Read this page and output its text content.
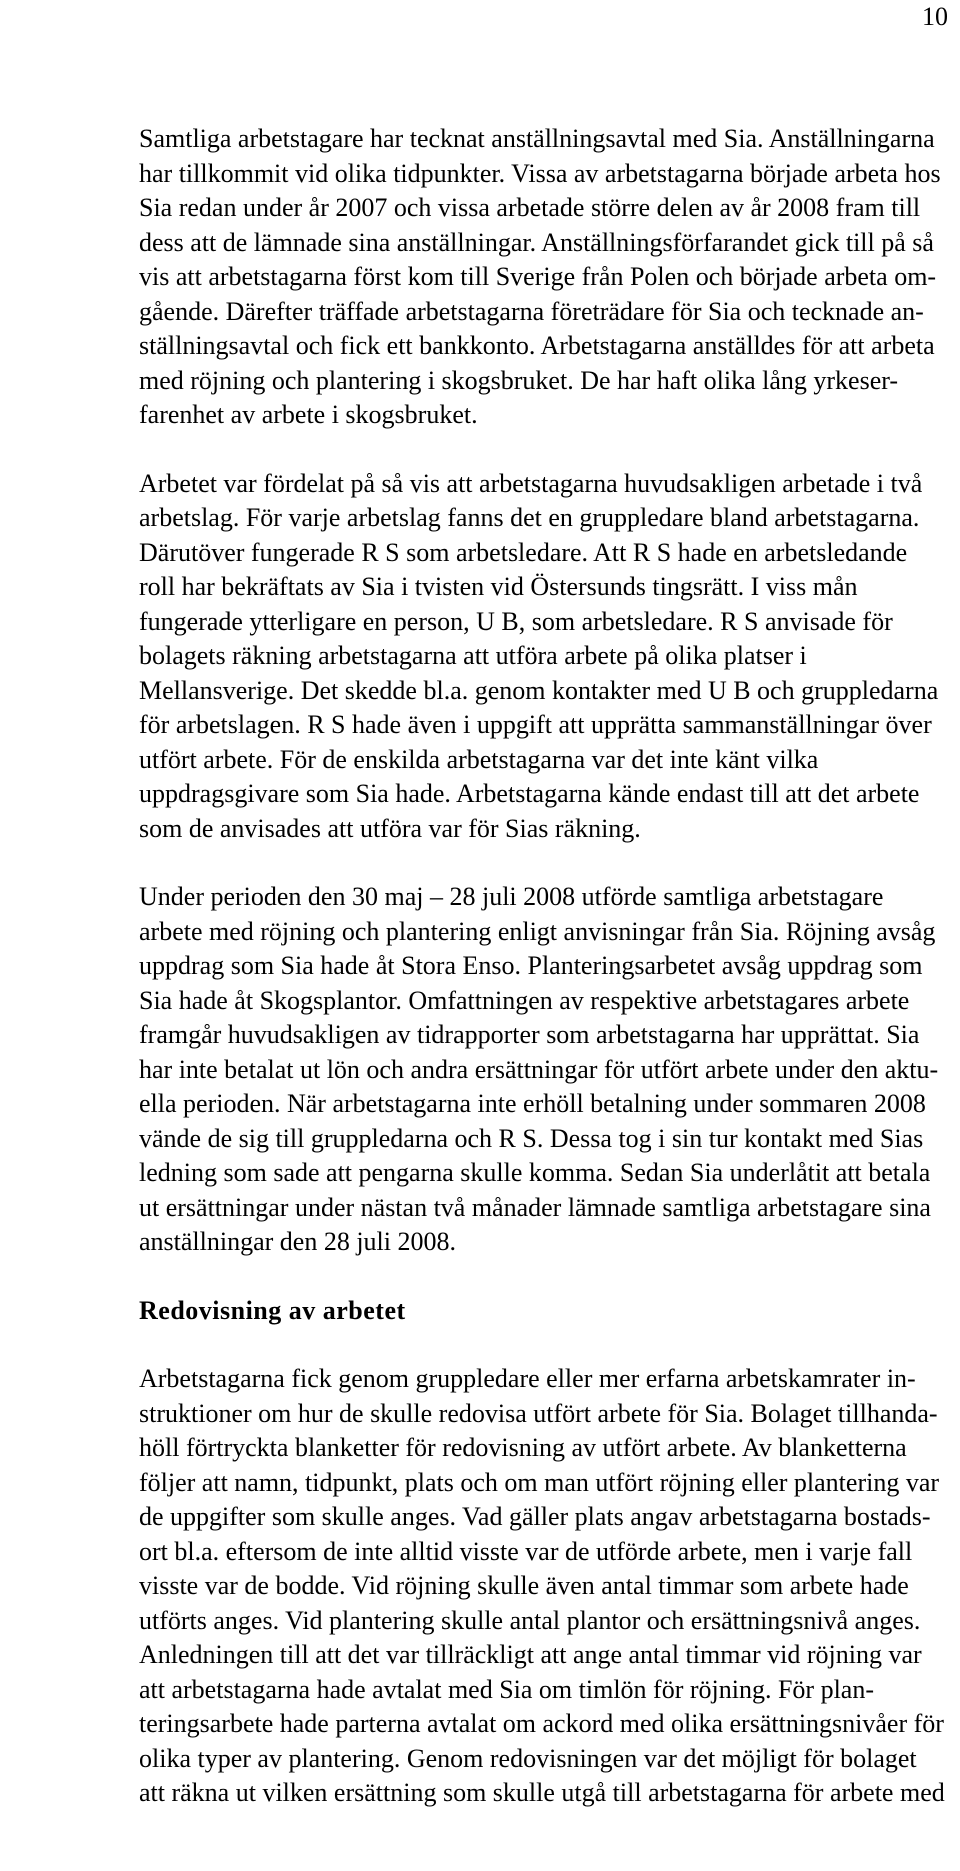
10

Samtliga arbetstagare har tecknat anställningsavtal med Sia. Anställningarna
har tillkommit vid olika tidpunkter. Vissa av arbetstagarna började arbeta hos
Sia redan under år 2007 och vissa arbetade större delen av år 2008 fram till
dess att de lämnade sina anställningar. Anställningsförfarandet gick till på så
vis att arbetstagarna först kom till Sverige från Polen och började arbeta om-
gående. Därefter träffade arbetstagarna företrädare för Sia och tecknade an-
ställningsavtal och fick ett bankkonto. Arbetstagarna anställdes för att arbeta
med röjning och plantering i skogsbruket. De har haft olika lång yrkeser-
farenhet av arbete i skogsbruket.

Arbetet var fördelat på så vis att arbetstagarna huvudsakligen arbetade i två
arbetslag. För varje arbetslag fanns det en gruppledare bland arbetstagarna.
Därutöver fungerade R S som arbetsledare. Att R S hade en arbetsledande
roll har bekräftats av Sia i tvisten vid Östersunds tingsrätt. I viss mån
fungerade ytterligare en person, U B, som arbetsledare. R S anvisade för
bolagets räkning arbetstagarna att utföra arbete på olika platser i
Mellansverige. Det skedde bl.a. genom kontakter med U B och gruppledarna
för arbetslagen. R S hade även i uppgift att upprätta sammanställningar över
utfört arbete. För de enskilda arbetstagarna var det inte känt vilka
uppdragsgivare som Sia hade. Arbetstagarna kände endast till att det arbete
som de anvisades att utföra var för Sias räkning.

Under perioden den 30 maj – 28 juli 2008 utförde samtliga arbetstagare
arbete med röjning och plantering enligt anvisningar från Sia. Röjning avsåg
uppdrag som Sia hade åt Stora Enso. Planteringsarbetet avsåg uppdrag som
Sia hade åt Skogsplantor. Omfattningen av respektive arbetstagares arbete
framgår huvudsakligen av tidrapporter som arbetstagarna har upprättat. Sia
har inte betalat ut lön och andra ersättningar för utfört arbete under den aktu-
ella perioden. När arbetstagarna inte erhöll betalning under sommaren 2008
vände de sig till gruppledarna och R S. Dessa tog i sin tur kontakt med Sias
ledning som sade att pengarna skulle komma. Sedan Sia underlåtit att betala
ut ersättningar under nästan två månader lämnade samtliga arbetstagare sina
anställningar den 28 juli 2008.

Redovisning av arbetet

Arbetstagarna fick genom gruppledare eller mer erfarna arbetskamrater in-
struktioner om hur de skulle redovisa utfört arbete för Sia. Bolaget tillhanda-
höll förtryckta blanketter för redovisning av utfört arbete. Av blanketterna
följer att namn, tidpunkt, plats och om man utfört röjning eller plantering var
de uppgifter som skulle anges. Vad gäller plats angav arbetstagarna bostads-
ort bl.a. eftersom de inte alltid visste var de utförde arbete, men i varje fall
visste var de bodde. Vid röjning skulle även antal timmar som arbete hade
utförts anges. Vid plantering skulle antal plantor och ersättningsnivå anges.
Anledningen till att det var tillräckligt att ange antal timmar vid röjning var
att arbetstagarna hade avtalat med Sia om timlön för röjning. För plan-
teringsarbete hade parterna avtalat om ackord med olika ersättningsnivåer för
olika typer av plantering. Genom redovisningen var det möjligt för bolaget
att räkna ut vilken ersättning som skulle utgå till arbetstagarna för arbete med
